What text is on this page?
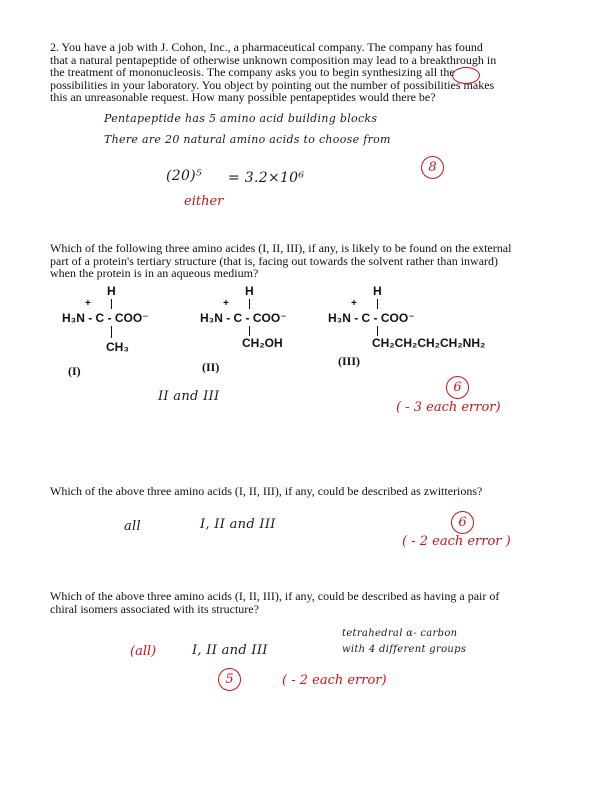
2. You have a job with J. Cohon, Inc., a pharmaceutical company. The company has found
that a natural pentapeptide of otherwise unknown composition may lead to a breakthrough in
the treatment of mononucleosis. The company asks you to begin synthesizing all the
possibilities in your laboratory. You object by pointing out the number of possibilities makes
this an unreasonable request. How many possible pentapeptides would there be?
Pentapeptide has 5 amino acid building blocks
There are 20 natural amino acids to choose from
(20)⁵ = 3.2×10⁶
8
either
Which of the following three amino acides (I, II, III), if any, is likely to be found on the external
part of a protein's tertiary structure (that is, facing out towards the solvent rather than inward)
when the protein is in an aqueous medium?
H
+
H₃N - C - COO⁻
CH₃
(I)
H
+
H₃N - C - COO⁻
CH₂OH
(II)
H
+
H₃N - C - COO⁻
CH₂CH₂CH₂CH₂NH₂
(III)
II and III
6
( - 3 each error)
Which of the above three amino acids (I, II, III), if any, could be described as zwitterions?
all	I, II and III	6
( - 2 each error )
Which of the above three amino acids (I, II, III), if any, could be described as having a pair of
chiral isomers associated with its structure?
(all)	I, II and III
tetrahedral α- carbon
with 4 different groups
5	( - 2 each error)
